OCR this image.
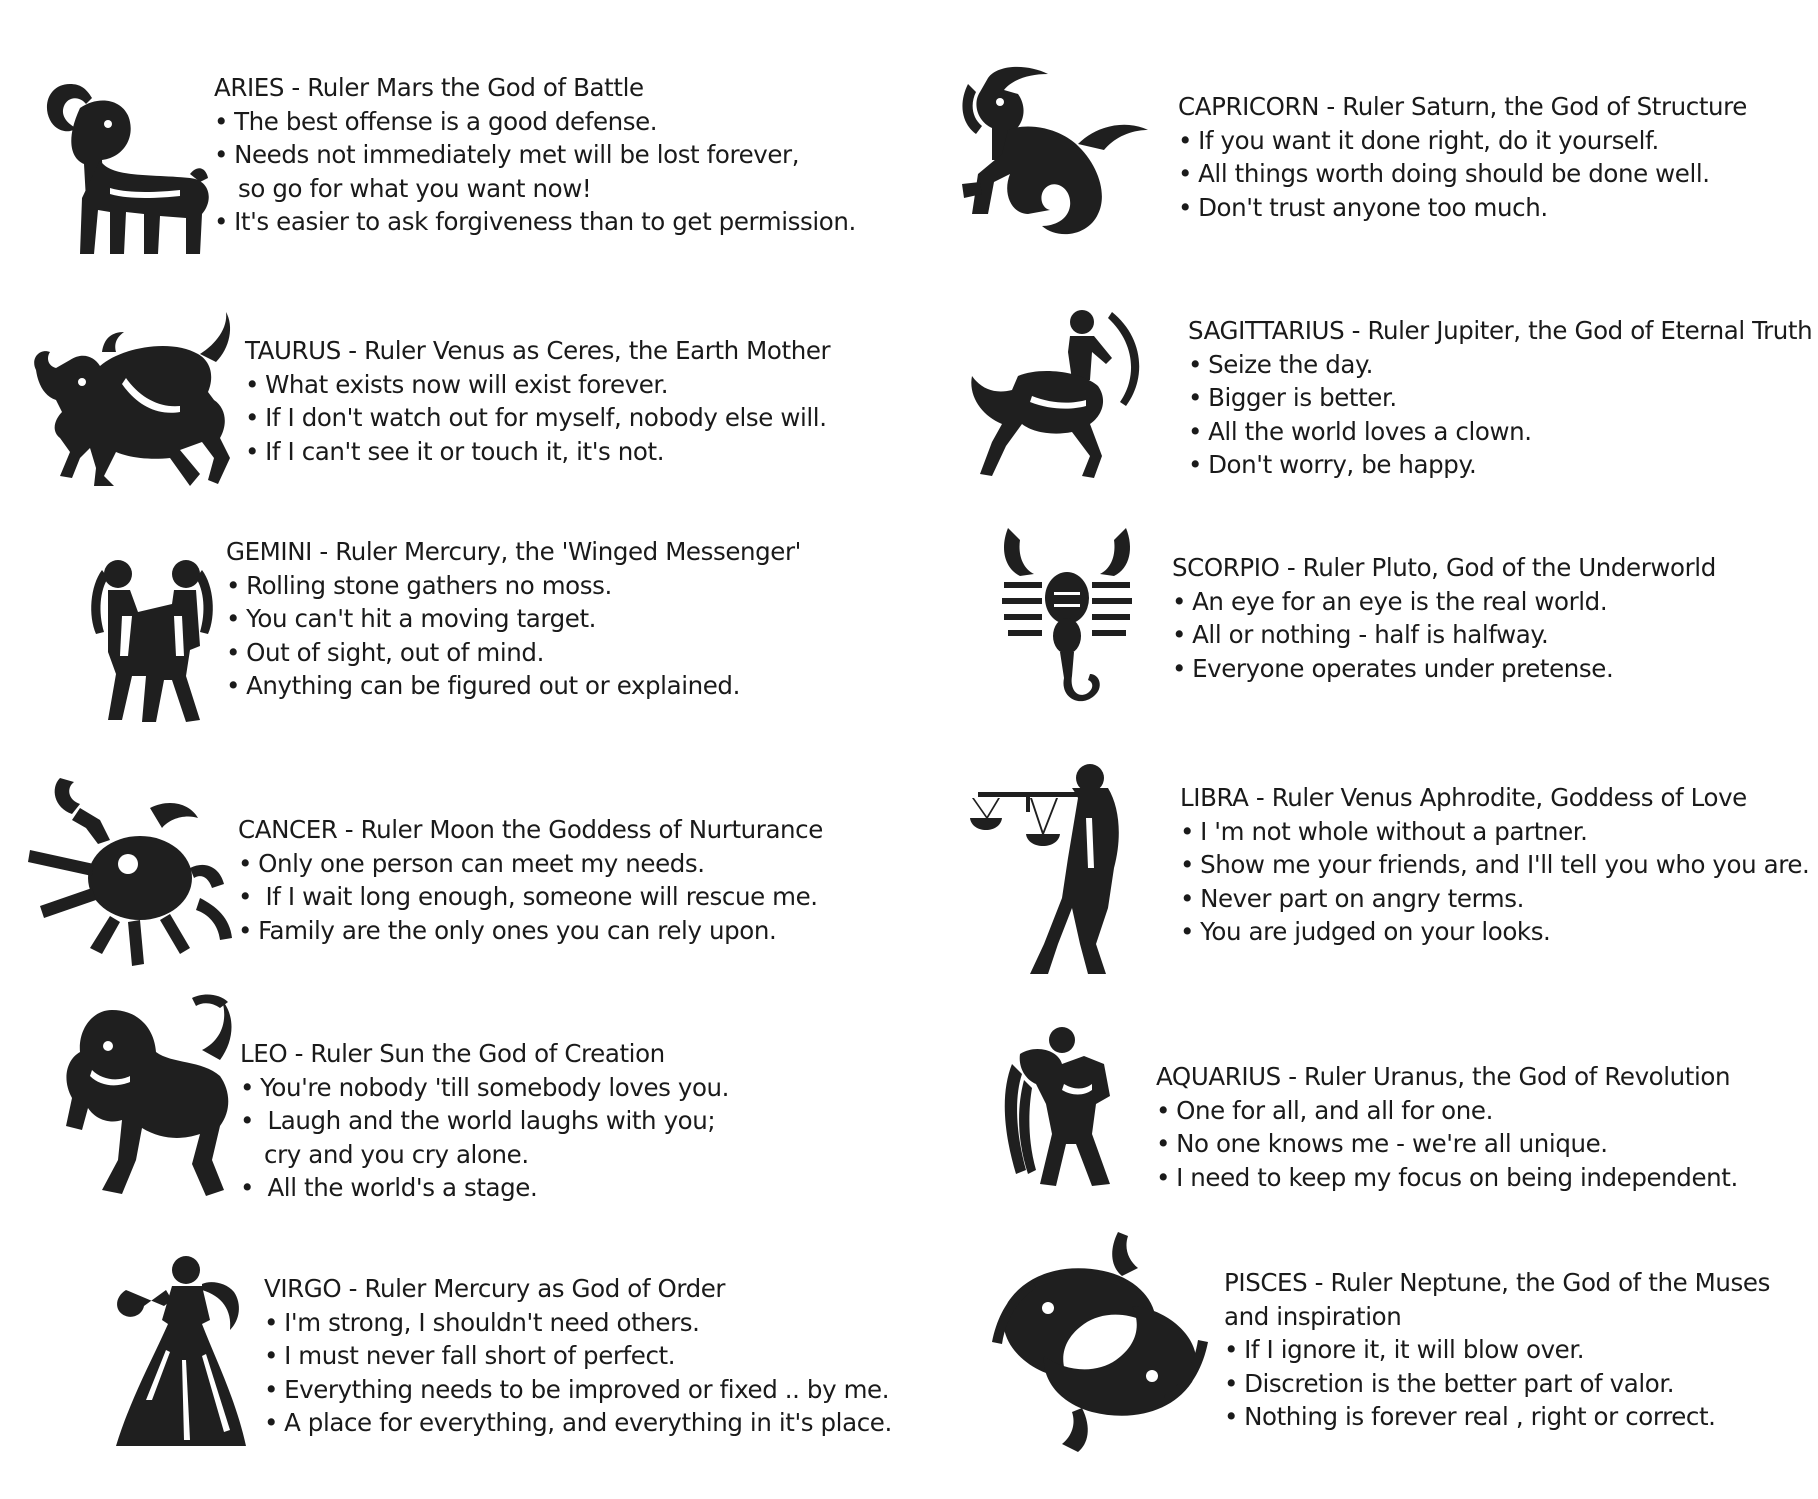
ARIES - Ruler Mars the God of Battle
• The best offense is a good defense.
• Needs not immediately met will be lost forever,
so go for what you want now!
• It's easier to ask forgiveness than to get permission.
TAURUS - Ruler Venus as Ceres, the Earth Mother
• What exists now will exist forever.
• If I don't watch out for myself, nobody else will.
• If I can't see it or touch it, it's not.
GEMINI - Ruler Mercury, the 'Winged Messenger'
• Rolling stone gathers no moss.
• You can't hit a moving target.
• Out of sight, out of mind.
• Anything can be figured out or explained.
CANCER - Ruler Moon the Goddess of Nurturance
• Only one person can meet my needs.
• If I wait long enough, someone will rescue me.
• Family are the only ones you can rely upon.
LEO - Ruler Sun the God of Creation
• You're nobody 'till somebody loves you.
• Laugh and the world laughs with you;
cry and you cry alone.
• All the world's a stage.
VIRGO - Ruler Mercury as God of Order
• I'm strong, I shouldn't need others.
• I must never fall short of perfect.
• Everything needs to be improved or fixed .. by me.
• A place for everything, and everything in it's place.
CAPRICORN - Ruler Saturn, the God of Structure
• If you want it done right, do it yourself.
• All things worth doing should be done well.
• Don't trust anyone too much.
SAGITTARIUS - Ruler Jupiter, the God of Eternal Truth
• Seize the day.
• Bigger is better.
• All the world loves a clown.
• Don't worry, be happy.
SCORPIO - Ruler Pluto, God of the Underworld
• An eye for an eye is the real world.
• All or nothing - half is halfway.
• Everyone operates under pretense.
LIBRA - Ruler Venus Aphrodite, Goddess of Love
• I 'm not whole without a partner.
• Show me your friends, and I'll tell you who you are.
• Never part on angry terms.
• You are judged on your looks.
AQUARIUS - Ruler Uranus, the God of Revolution
• One for all, and all for one.
• No one knows me - we're all unique.
• I need to keep my focus on being independent.
PISCES - Ruler Neptune, the God of the Muses
and inspiration
• If I ignore it, it will blow over.
• Discretion is the better part of valor.
• Nothing is forever real , right or correct.
